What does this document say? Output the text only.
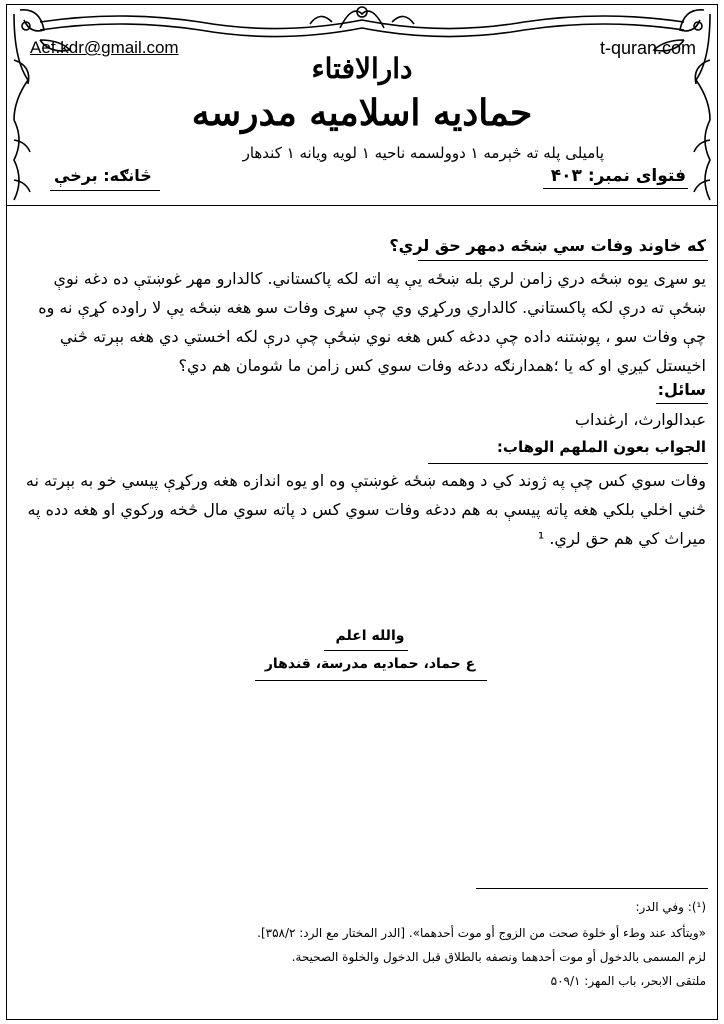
Aef.kdr@gmail.com	t-quran.com
دارالافتاء
حمادیه اسلامیه مدرسه
پاميلى پله ته څېرمه ۱ دوولسمه ناحيه ۱ لويه ويانه ۱ کندهار
فتوای نمبر: ۴۰۳
څانګه: برخې
كه خاوند وفات سي ښځه دمهر حق لري؟
يو سړى يوه ښځه دري زامن لري بله ښځه يې په اته لكه پاكستاني. كالدارو مهر غوښتې ده دغه نوې ښځې ته درې لكه پاكستاني. كالداري وركړي وي چې سړى وفات سو هغه ښځه يې لا راوده كړې نه وه چې وفات سو ، پوښتنه داده چې ددغه كس هغه نوي ښځې چې درې لكه اخستي دي هغه بېرته څني اخيستل كيږي او كه يا ؛همدارنګه ددغه وفات سوي كس زامن ما شومان هم دي؟
سائل:
عبدالوارث، ارغنداب
الجواب بعون الملهم الوهاب:
وفات سوي كس چې په ژوند كي د وهمه ښځه غوښتې وه او يوه اندازه هغه وركړې پيسي خو به بېرته نه څني اخلي بلكي هغه پاته پيسې به هم ددغه وفات سوي كس د پاته سوي مال څخه وركوي او هغه دده په ميراث كي هم حق لري. ¹
والله اعلم
ع حماد، حماديه مدرسة، قندهار
(¹): وفي الدر:
«ويتأكد عند وطء أو خلوة صحت من الزوج أو موت أحدهما». [الدر المختار مع الرد: ۳۵۸/۲].
لزم المسمى بالدخول أو موت أحدهما ونصفه بالطلاق قبل الدخول والخلوة الصحيحة.
ملتقى الابحر، باب المهر: ۵۰۹/۱
